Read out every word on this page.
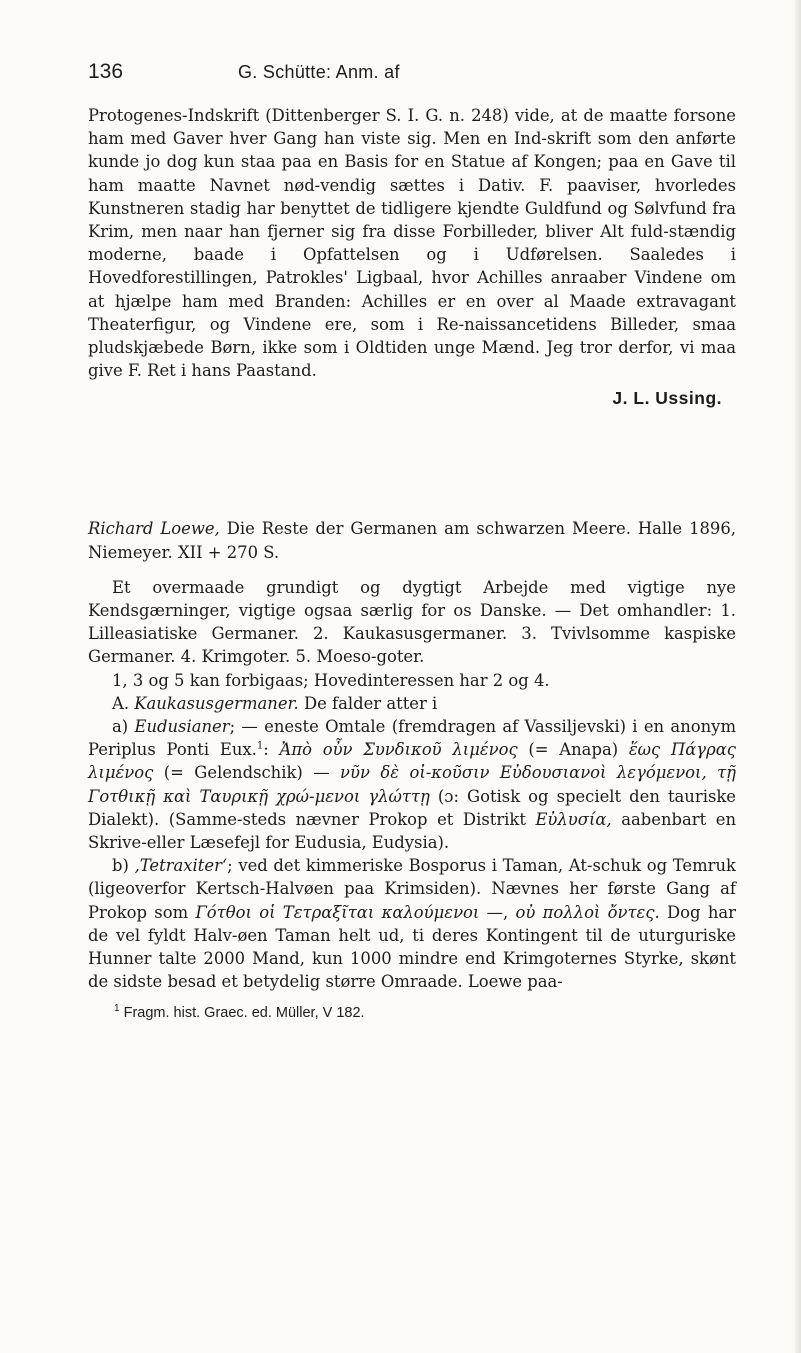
136	G. Schütte: Anm. af

Protogenes-Indskrift (Dittenberger S. I. G. n. 248) vide, at de maatte forsone ham med Gaver hver Gang han viste sig. Men en Ind-skrift som den anførte kunde jo dog kun staa paa en Basis for en Statue af Kongen; paa en Gave til ham maatte Navnet nød-vendig sættes i Dativ. F. paaviser, hvorledes Kunstneren stadig har benyttet de tidligere kjendte Guldfund og Sølvfund fra Krim, men naar han fjerner sig fra disse Forbilleder, bliver Alt fuld-stændig moderne, baade i Opfattelsen og i Udførelsen. Saaledes i Hovedforestillingen, Patrokles' Ligbaal, hvor Achilles anraaber Vindene om at hjælpe ham med Branden: Achilles er en over al Maade extravagant Theaterfigur, og Vindene ere, som i Re-naissancetidens Billeder, smaa pludskjæbede Børn, ikke som i Oldtiden unge Mænd. Jeg tror derfor, vi maa give F. Ret i hans Paastand.

J. L. Ussing.

Richard Loewe, Die Reste der Germanen am schwarzen Meere. Halle 1896, Niemeyer. XII + 270 S.

Et overmaade grundigt og dygtigt Arbejde med vigtige nye Kendsgærninger, vigtige ogsaa særlig for os Danske. — Det omhandler: 1. Lilleasiatiske Germaner. 2. Kaukasusgermaner. 3. Tvivlsomme kaspiske Germaner. 4. Krimgoter. 5. Moeso-goter.

1, 3 og 5 kan forbigaas; Hovedinteressen har 2 og 4.

A. Kaukasusgermaner. De falder atter i

a) Eudusianer; — eneste Omtale (fremdragen af Vassiljevski) i en anonym Periplus Ponti Eux.$^1$: Ἀπὸ οὖν Συνδικοῦ λιμένος (= Anapa) ἕως Πάγρας λιμένος (= Gelendschik) — νῦν δὲ οἰ-κοῦσιν Εὐδουσιανοὶ λεγόμενοι, τῇ Γοτθικῇ καὶ Ταυρικῇ χρώ-μενοι γλώττῃ (ɔ: Gotisk og specielt den tauriske Dialekt). (Samme-steds nævner Prokop et Distrikt Εὐλυσία, aabenbart en Skrive-eller Læsefejl for Eudusia, Eudysia).

b) ‚Tetraxiter‘; ved det kimmeriske Bosporus i Taman, At-schuk og Temruk (ligeoverfor Kertsch-Halvøen paa Krimsiden). Nævnes her første Gang af Prokop som Γότθοι οἱ Τετραξῖται καλούμενοι —, οὐ πολλοὶ ὄντες. Dog har de vel fyldt Halv-øen Taman helt ud, ti deres Kontingent til de uturguriske Hunner talte 2000 Mand, kun 1000 mindre end Krimgoternes Styrke, skønt de sidste besad et betydelig større Omraade. Loewe paa-

$^1$ Fragm. hist. Graec. ed. Müller, V 182.
